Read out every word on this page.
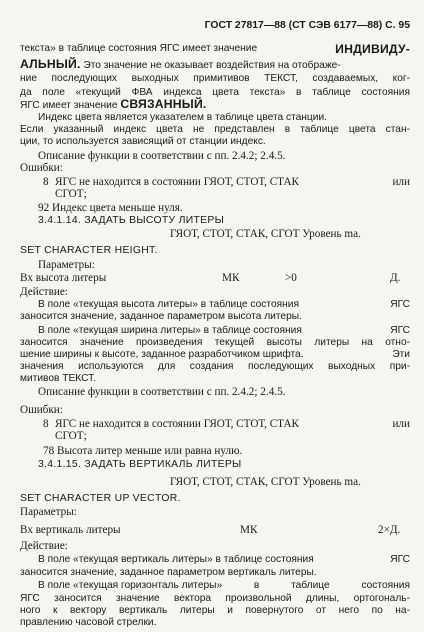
ГОСТ 27817—88 (СТ СЭВ 6177—88) С. 95
текста» в таблице состояния ЯГС имеет значение	ИНДИВИДУ-
АЛЬНЫЙ. Это значение не оказывает воздействия на отображе-
ние последующих выходных примитивов ТЕКСТ, создаваемых, ког-
да поле «текущий ФВА индекса цвета текста» в таблице состояния
ЯГС имеет значение СВЯЗАННЫЙ.
Индекс цвета является указателем в таблице цвета станции.
Если указанный индекс цвета не представлен в таблице цвета стан-
ции, то используется зависящий от станции индекс.
Описание функции в соответствии с пп. 2.4.2; 2.4.5.
Ошибки:
8 ЯГС не находится в состоянии ГЯОТ, СТОТ, СТАК	или
СГОТ;
92 Индекс цвета меньше нуля.
3.4.1.14. ЗАДАТЬ ВЫСОТУ ЛИТЕРЫ
ГЯОТ, СТОТ, СТАК, СГОТ Уровень ma.
SET CHARACTER HEIGHT.
Параметры:
Вх высота литеры	МК	>0	Д.
Действие:
В поле «текущая высота литеры» в таблице состояния	ЯГС
заносится значение, заданное параметром высота литеры.
В поле «текущая ширина литеры» в таблице состояния	ЯГС
заносится значение произведения текущей высоты литеры на отно-
шение ширины к высоте, заданное разработчиком шрифта.	Эти
значения используются для создания последующих выходных при-
митивов ТЕКСТ.
Описание функции в соответствии с пп. 2.4.2; 2.4.5.
Ошибки:
8 ЯГС не находится в состоянии ГЯОТ, СТОТ, СТАК	или
СГОТ;
78 Высота литер меньше или равна нулю.
3.4.1.15. ЗАДАТЬ ВЕРТИКАЛЬ ЛИТЕРЫ
ГЯОТ, СТОТ, СТАК, СГОТ Уровень ma.
SET CHARACTER UP VECTOR.
Параметры:
Вх вертикаль литеры	МК	2×Д.
Действие:
В поле «текущая вертикаль литеры» в таблице состояния	ЯГС
заносится значение, заданное параметром вертикаль литеры.
В поле «текущая горизонталь литеры»	в	таблице	состояния
ЯГС заносится значение вектора произвольной длины, ортогональ-
ного к вектору вертикаль литеры и повернутого от него по на-
правлению часовой стрелки.
